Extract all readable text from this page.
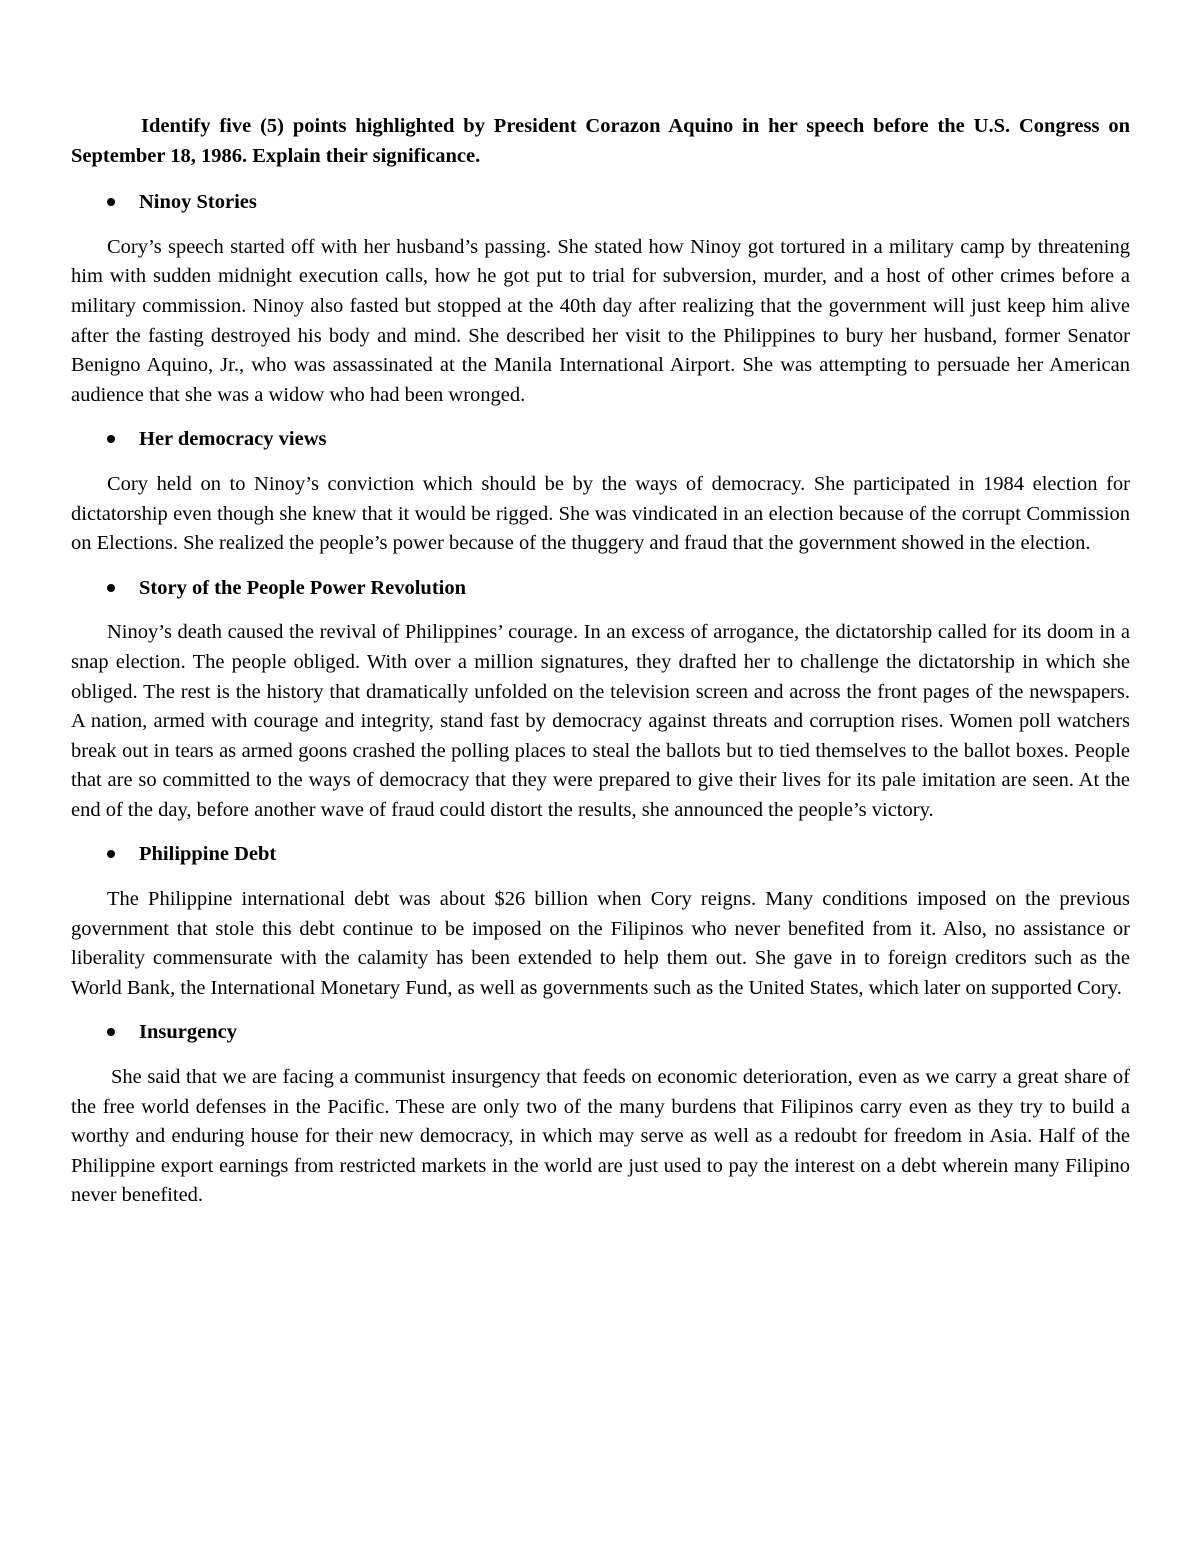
Identify five (5) points highlighted by President Corazon Aquino in her speech before the U.S. Congress on September 18, 1986. Explain their significance.

Ninoy Stories

Cory’s speech started off with her husband’s passing. She stated how Ninoy got tortured in a military camp by threatening him with sudden midnight execution calls, how he got put to trial for subversion, murder, and a host of other crimes before a military commission. Ninoy also fasted but stopped at the 40th day after realizing that the government will just keep him alive after the fasting destroyed his body and mind. She described her visit to the Philippines to bury her husband, former Senator Benigno Aquino, Jr., who was assassinated at the Manila International Airport. She was attempting to persuade her American audience that she was a widow who had been wronged.

Her democracy views

Cory held on to Ninoy’s conviction which should be by the ways of democracy. She participated in 1984 election for dictatorship even though she knew that it would be rigged. She was vindicated in an election because of the corrupt Commission on Elections. She realized the people’s power because of the thuggery and fraud that the government showed in the election.

Story of the People Power Revolution

Ninoy’s death caused the revival of Philippines’ courage. In an excess of arrogance, the dictatorship called for its doom in a snap election. The people obliged. With over a million signatures, they drafted her to challenge the dictatorship in which she obliged. The rest is the history that dramatically unfolded on the television screen and across the front pages of the newspapers. A nation, armed with courage and integrity, stand fast by democracy against threats and corruption rises. Women poll watchers break out in tears as armed goons crashed the polling places to steal the ballots but to tied themselves to the ballot boxes. People that are so committed to the ways of democracy that they were prepared to give their lives for its pale imitation are seen. At the end of the day, before another wave of fraud could distort the results, she announced the people’s victory.

Philippine Debt

The Philippine international debt was about $26 billion when Cory reigns. Many conditions imposed on the previous government that stole this debt continue to be imposed on the Filipinos who never benefited from it. Also, no assistance or liberality commensurate with the calamity has been extended to help them out. She gave in to foreign creditors such as the World Bank, the International Monetary Fund, as well as governments such as the United States, which later on supported Cory.

Insurgency

She said that we are facing a communist insurgency that feeds on economic deterioration, even as we carry a great share of the free world defenses in the Pacific. These are only two of the many burdens that Filipinos carry even as they try to build a worthy and enduring house for their new democracy, in which may serve as well as a redoubt for freedom in Asia. Half of the Philippine export earnings from restricted markets in the world are just used to pay the interest on a debt wherein many Filipino never benefited.
